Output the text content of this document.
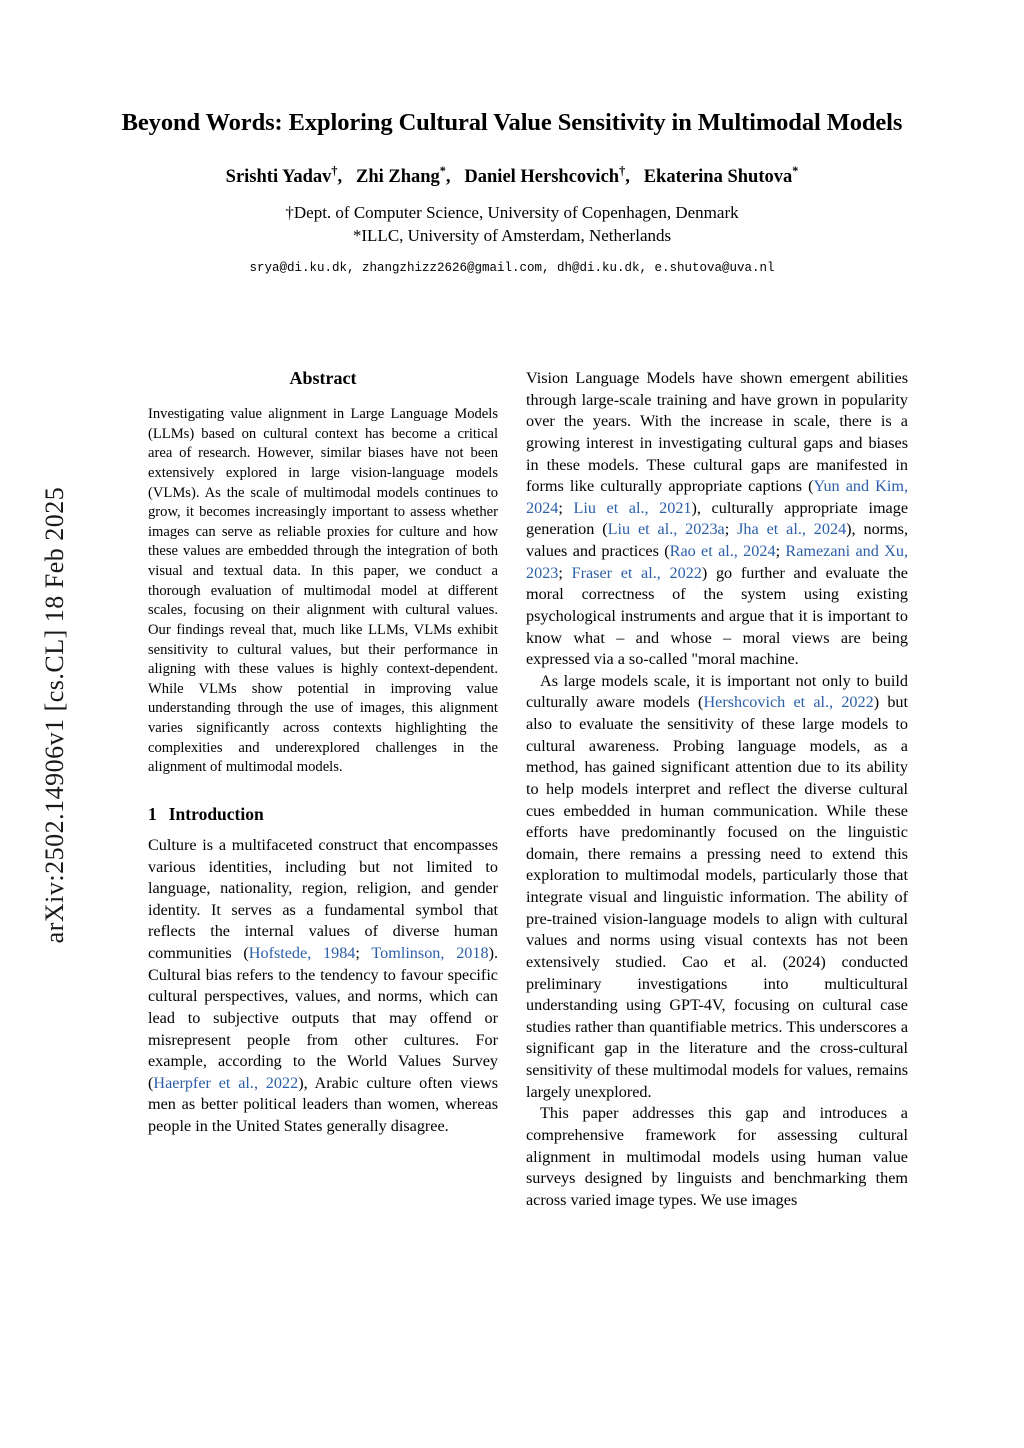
arXiv:2502.14906v1 [cs.CL] 18 Feb 2025
Beyond Words: Exploring Cultural Value Sensitivity in Multimodal Models
Srishti Yadav†,   Zhi Zhang*,   Daniel Hershcovich†,   Ekaterina Shutova*
†Dept. of Computer Science, University of Copenhagen, Denmark
*ILLC, University of Amsterdam, Netherlands
srya@di.ku.dk, zhangzhizz2626@gmail.com, dh@di.ku.dk, e.shutova@uva.nl
Abstract

Investigating value alignment in Large Language Models (LLMs) based on cultural context has become a critical area of research. However, similar biases have not been extensively explored in large vision-language models (VLMs). As the scale of multimodal models continues to grow, it becomes increasingly important to assess whether images can serve as reliable proxies for culture and how these values are embedded through the integration of both visual and textual data. In this paper, we conduct a thorough evaluation of multimodal model at different scales, focusing on their alignment with cultural values. Our findings reveal that, much like LLMs, VLMs exhibit sensitivity to cultural values, but their performance in aligning with these values is highly context-dependent. While VLMs show potential in improving value understanding through the use of images, this alignment varies significantly across contexts highlighting the complexities and underexplored challenges in the alignment of multimodal models.

1 Introduction

Culture is a multifaceted construct that encompasses various identities, including but not limited to language, nationality, region, religion, and gender identity. It serves as a fundamental symbol that reflects the internal values of diverse human communities (Hofstede, 1984; Tomlinson, 2018). Cultural bias refers to the tendency to favour specific cultural perspectives, values, and norms, which can lead to subjective outputs that may offend or misrepresent people from other cultures. For example, according to the World Values Survey (Haerpfer et al., 2022), Arabic culture often views men as better political leaders than women, whereas people in the United States generally disagree.

Vision Language Models have shown emergent abilities through large-scale training and have grown in popularity over the years. With the increase in scale, there is a growing interest in investigating cultural gaps and biases in these models. These cultural gaps are manifested in forms like culturally appropriate captions (Yun and Kim, 2024; Liu et al., 2021), culturally appropriate image generation (Liu et al., 2023a; Jha et al., 2024), norms, values and practices (Rao et al., 2024; Ramezani and Xu, 2023; Fraser et al., 2022) go further and evaluate the moral correctness of the system using existing psychological instruments and argue that it is important to know what – and whose – moral views are being expressed via a so-called "moral machine.

As large models scale, it is important not only to build culturally aware models (Hershcovich et al., 2022) but also to evaluate the sensitivity of these large models to cultural awareness. Probing language models, as a method, has gained significant attention due to its ability to help models interpret and reflect the diverse cultural cues embedded in human communication. While these efforts have predominantly focused on the linguistic domain, there remains a pressing need to extend this exploration to multimodal models, particularly those that integrate visual and linguistic information. The ability of pre-trained vision-language models to align with cultural values and norms using visual contexts has not been extensively studied. Cao et al. (2024) conducted preliminary investigations into multicultural understanding using GPT-4V, focusing on cultural case studies rather than quantifiable metrics. This underscores a significant gap in the literature and the cross-cultural sensitivity of these multimodal models for values, remains largely unexplored.

This paper addresses this gap and introduces a comprehensive framework for assessing cultural alignment in multimodal models using human value surveys designed by linguists and benchmarking them across varied image types. We use images
